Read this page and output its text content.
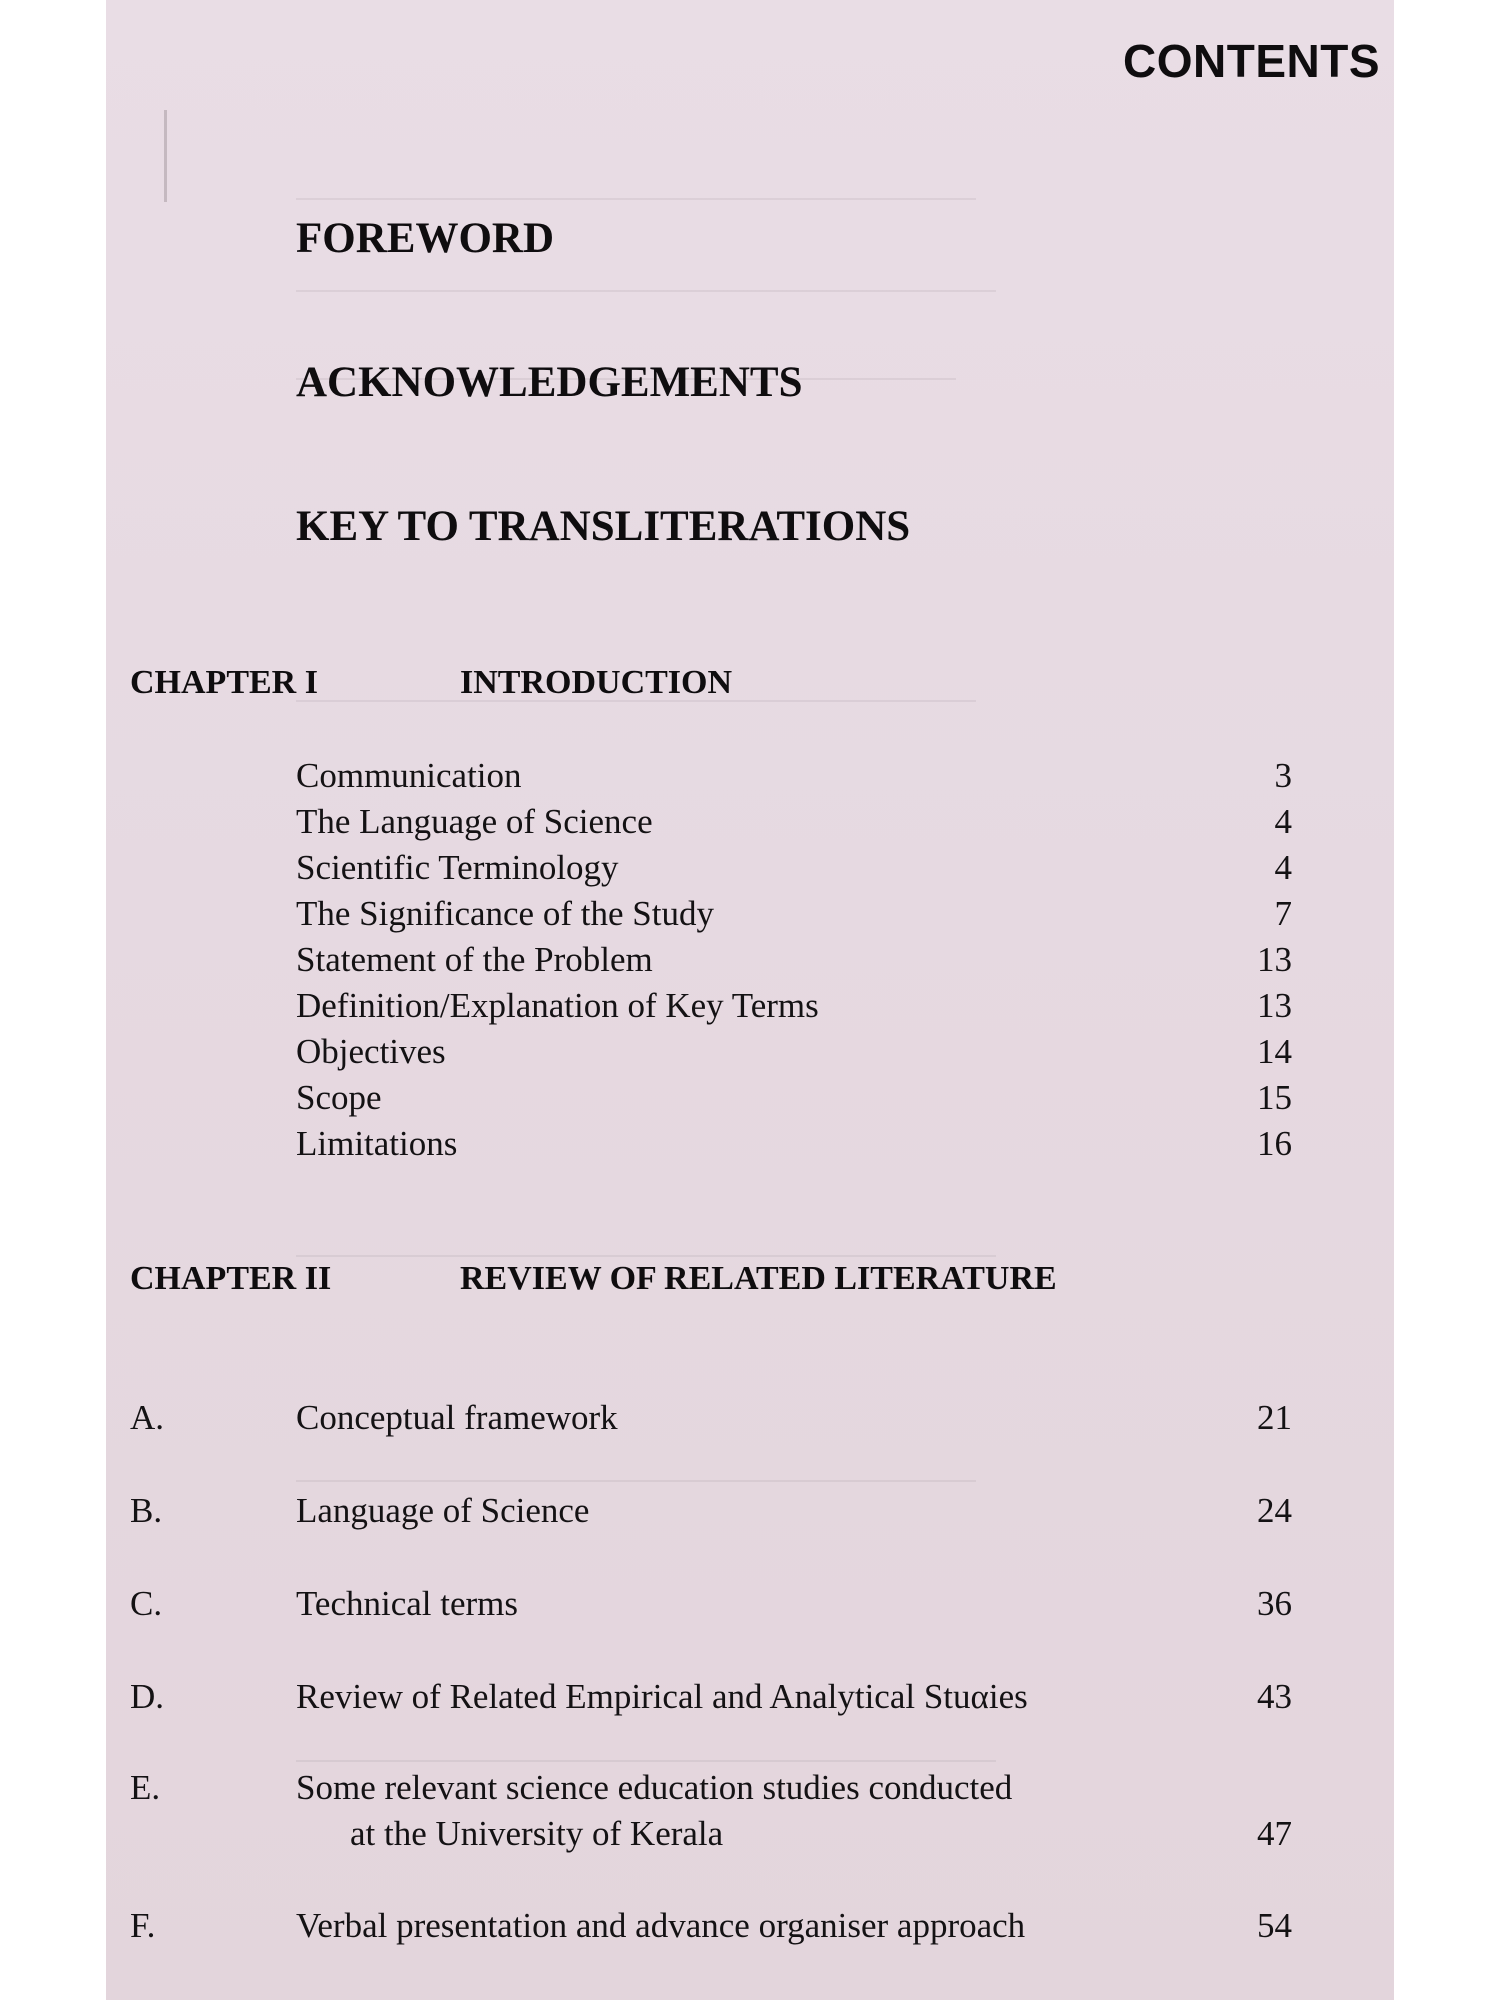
CONTENTS
FOREWORD
ACKNOWLEDGEMENTS
KEY TO TRANSLITERATIONS
CHAPTER I	INTRODUCTION
Communication	3
The Language of Science	4
Scientific Terminology	4
The Significance of the Study	7
Statement of the Problem	13
Definition/Explanation of Key Terms	13
Objectives	14
Scope	15
Limitations	16
CHAPTER II	REVIEW OF RELATED LITERATURE
A.	Conceptual framework	21
B.	Language of Science	24
C.	Technical terms	36
D.	Review of Related Empirical and Analytical Stuαies	43
E.	Some relevant science education studies conducted
at the University of Kerala	47
F.	Verbal presentation and advance organiser approach	54
